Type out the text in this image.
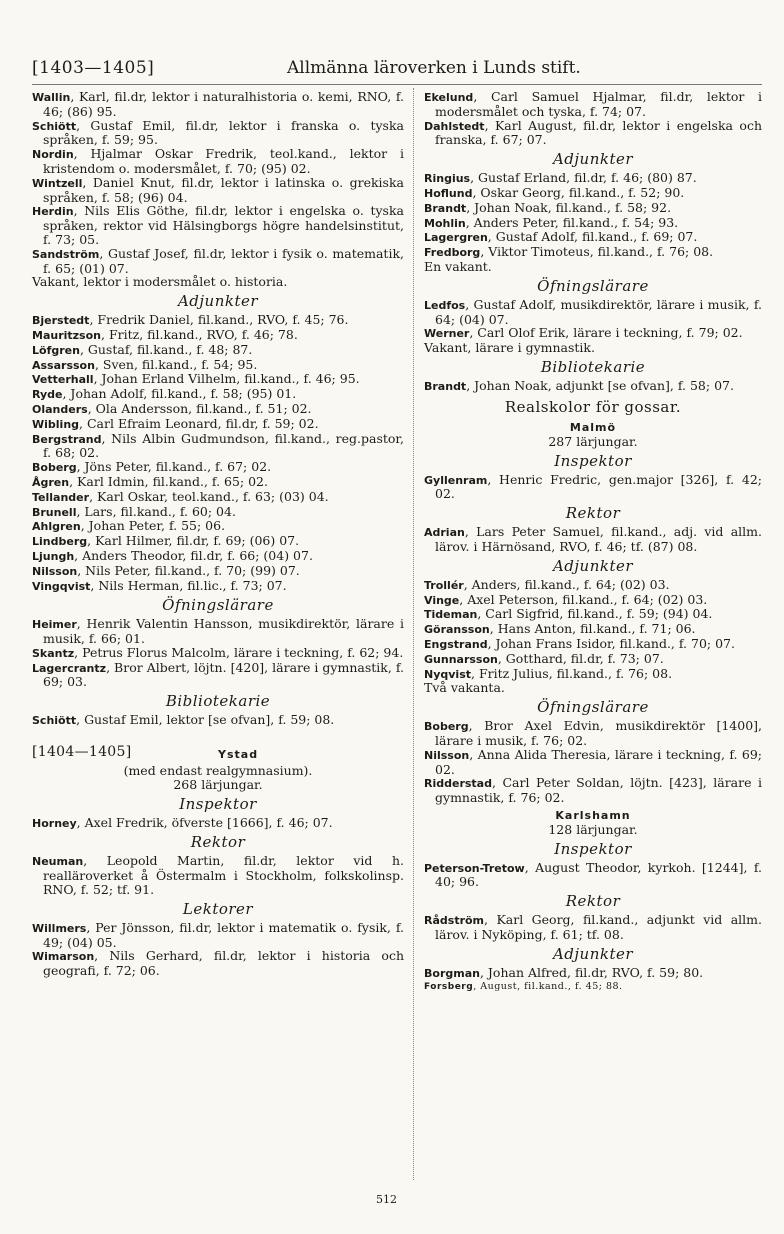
[1403—1405]	Allmänna läroverken i Lunds stift.
Wallin, Karl, fil.dr, lektor i naturalhistoria o. kemi, RNO, f. 46; (86) 95.
Schiött, Gustaf Emil, fil.dr, lektor i franska o. tyska språken, f. 59; 95.
Nordin, Hjalmar Oskar Fredrik, teol.kand., lektor i kristendom o. modersmålet, f. 70; (95) 02.
Wintzell, Daniel Knut, fil.dr, lektor i latinska o. grekiska språken, f. 58; (96) 04.
Herdin, Nils Elis Göthe, fil.dr, lektor i engelska o. tyska språken, rektor vid Hälsingborgs högre handelsinstitut, f. 73; 05.
Sandström, Gustaf Josef, fil.dr, lektor i fysik o. matematik, f. 65; (01) 07.
Vakant, lektor i modersmålet o. historia.
Adjunkter
Bjerstedt, Fredrik Daniel, fil.kand., RVO, f. 45; 76.
Mauritzson, Fritz, fil.kand., RVO, f. 46; 78.
Löfgren, Gustaf, fil.kand., f. 48; 87.
Assarsson, Sven, fil.kand., f. 54; 95.
Vetterhall, Johan Erland Vilhelm, fil.kand., f. 46; 95.
Ryde, Johan Adolf, fil.kand., f. 58; (95) 01.
Olanders, Ola Andersson, fil.kand., f. 51; 02.
Wibling, Carl Efraim Leonard, fil.dr, f. 59; 02.
Bergstrand, Nils Albin Gudmundson, fil.kand., reg.pastor, f. 68; 02.
Boberg, Jöns Peter, fil.kand., f. 67; 02.
Ågren, Karl Idmin, fil.kand., f. 65; 02.
Tellander, Karl Oskar, teol.kand., f. 63; (03) 04.
Brunell, Lars, fil.kand., f. 60; 04.
Ahlgren, Johan Peter, f. 55; 06.
Lindberg, Karl Hilmer, fil.dr, f. 69; (06) 07.
Ljungh, Anders Theodor, fil.dr, f. 66; (04) 07.
Nilsson, Nils Peter, fil.kand., f. 70; (99) 07.
Vingqvist, Nils Herman, fil.lic., f. 73; 07.
Öfningslärare
Heimer, Henrik Valentin Hansson, musikdirektör, lärare i musik, f. 66; 01.
Skantz, Petrus Florus Malcolm, lärare i teckning, f. 62; 94.
Lagercrantz, Bror Albert, löjtn. [420], lärare i gymnastik, f. 69; 03.
Bibliotekarie
Schiött, Gustaf Emil, lektor [se ofvan], f. 59; 08.
[1404—1405]	Ystad
(med endast realgymnasium).
268 lärjungar.
Inspektor
Horney, Axel Fredrik, öfverste [1666], f. 46; 07.
Rektor
Neuman, Leopold Martin, fil.dr, lektor vid h. realläroverket å Östermalm i Stockholm, folkskolinsp. RNO, f. 52; tf. 91.
Lektorer
Willmers, Per Jönsson, fil.dr, lektor i matematik o. fysik, f. 49; (04) 05.
Wimarson, Nils Gerhard, fil.dr, lektor i historia och geografi, f. 72; 06.
Ekelund, Carl Samuel Hjalmar, fil.dr, lektor i modersmålet och tyska, f. 74; 07.
Dahlstedt, Karl August, fil.dr, lektor i engelska och franska, f. 67; 07.
Adjunkter
Ringius, Gustaf Erland, fil.dr, f. 46; (80) 87.
Hoflund, Oskar Georg, fil.kand., f. 52; 90.
Brandt, Johan Noak, fil.kand., f. 58; 92.
Mohlin, Anders Peter, fil.kand., f. 54; 93.
Lagergren, Gustaf Adolf, fil.kand., f. 69; 07.
Fredborg, Viktor Timoteus, fil.kand., f. 76; 08.
En vakant.
Öfningslärare
Ledfos, Gustaf Adolf, musikdirektör, lärare i musik, f. 64; (04) 07.
Werner, Carl Olof Erik, lärare i teckning, f. 79; 02.
Vakant, lärare i gymnastik.
Bibliotekarie
Brandt, Johan Noak, adjunkt [se ofvan], f. 58; 07.
Realskolor för gossar.
Malmö
287 lärjungar.
Inspektor
Gyllenram, Henric Fredric, gen.major [326], f. 42; 02.
Rektor
Adrian, Lars Peter Samuel, fil.kand., adj. vid allm. lärov. i Härnösand, RVO, f. 46; tf. (87) 08.
Adjunkter
Trollér, Anders, fil.kand., f. 64; (02) 03.
Vinge, Axel Peterson, fil.kand., f. 64; (02) 03.
Tideman, Carl Sigfrid, fil.kand., f. 59; (94) 04.
Göransson, Hans Anton, fil.kand., f. 71; 06.
Engstrand, Johan Frans Isidor, fil.kand., f. 70; 07.
Gunnarsson, Gotthard, fil.dr, f. 73; 07.
Nyqvist, Fritz Julius, fil.kand., f. 76; 08.
Två vakanta.
Öfningslärare
Boberg, Bror Axel Edvin, musikdirektör [1400], lärare i musik, f. 76; 02.
Nilsson, Anna Alida Theresia, lärare i teckning, f. 69; 02.
Ridderstad, Carl Peter Soldan, löjtn. [423], lärare i gymnastik, f. 76; 02.
Karlshamn
128 lärjungar.
Inspektor
Peterson-Tretow, August Theodor, kyrkoh. [1244], f. 40; 96.
Rektor
Rådström, Karl Georg, fil.kand., adjunkt vid allm. lärov. i Nyköping, f. 61; tf. 08.
Adjunkter
Borgman, Johan Alfred, fil.dr, RVO, f. 59; 80.
Forsberg, August, fil.kand., f. 45; 88.
512
